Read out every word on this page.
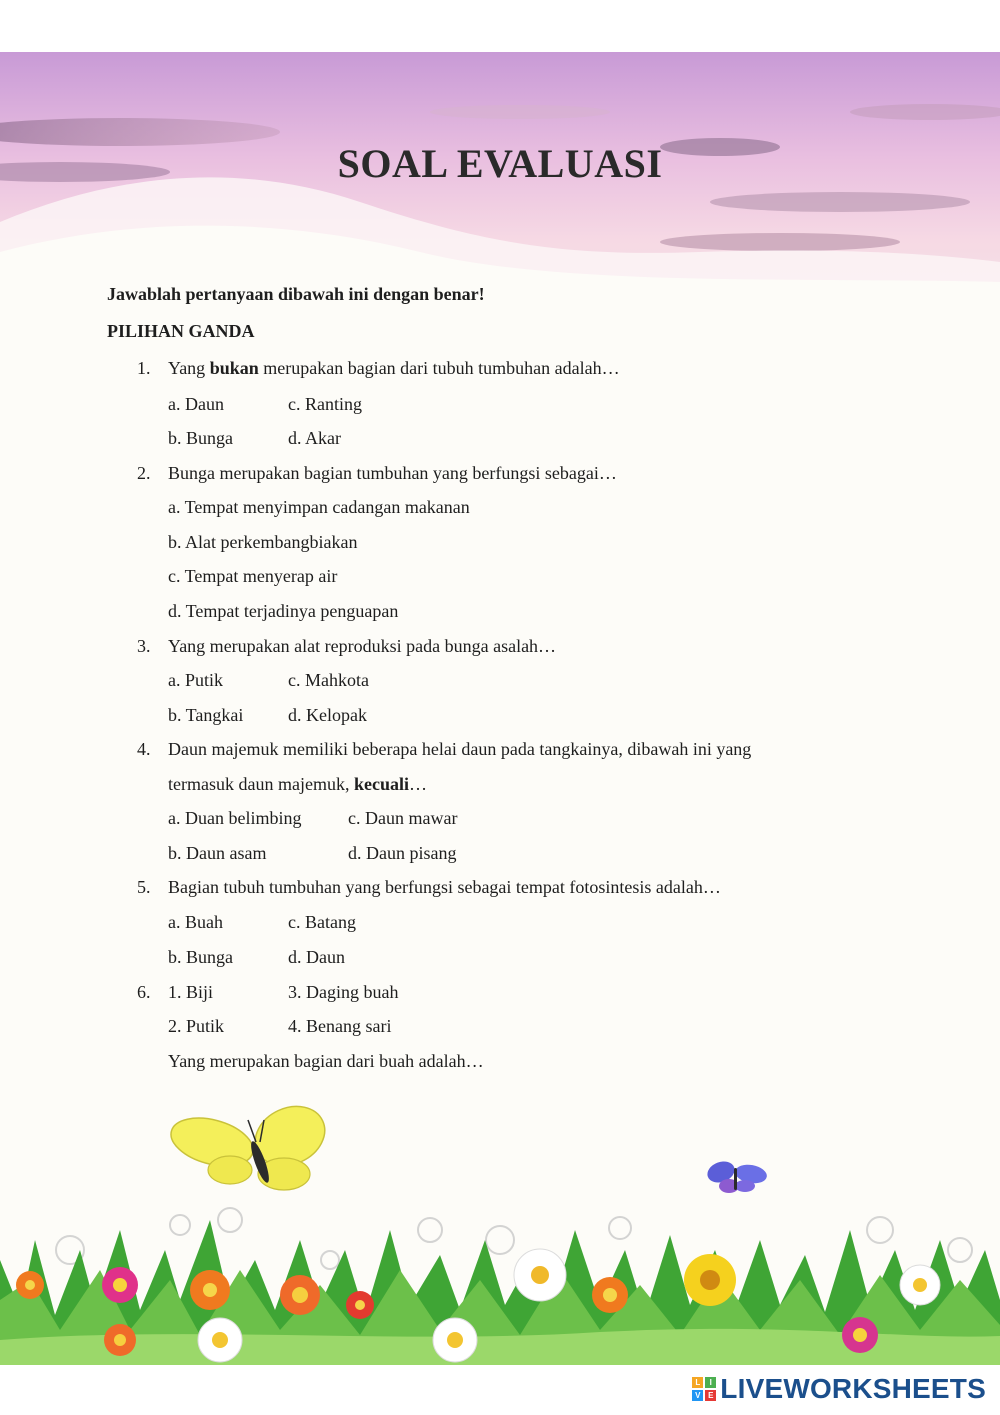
SOAL EVALUASI
Jawablah pertanyaan dibawah ini dengan benar!
PILIHAN GANDA
1. Yang bukan merupakan bagian dari tubuh tumbuhan adalah…
a. Daun	c. Ranting
b. Bunga	d. Akar
2. Bunga merupakan bagian tumbuhan yang berfungsi sebagai…
a. Tempat menyimpan cadangan makanan
b. Alat perkembangbiakan
c. Tempat menyerap air
d. Tempat terjadinya penguapan
3. Yang merupakan alat reproduksi pada bunga asalah…
a. Putik	c. Mahkota
b. Tangkai d. Kelopak
4. Daun majemuk memiliki beberapa helai daun pada tangkainya, dibawah ini yang
termasuk daun majemuk, kecuali…
a. Duan belimbing	c. Daun mawar
b. Daun asam	d. Daun pisang
5. Bagian tubuh tumbuhan yang berfungsi sebagai tempat fotosintesis adalah…
a. Buah	c. Batang
b. Bunga	d. Daun
6. 1. Biji	3. Daging buah
2. Putik	4. Benang sari
Yang merupakan bagian dari buah adalah…
L	I
V E LIVEWORKSHEETS
